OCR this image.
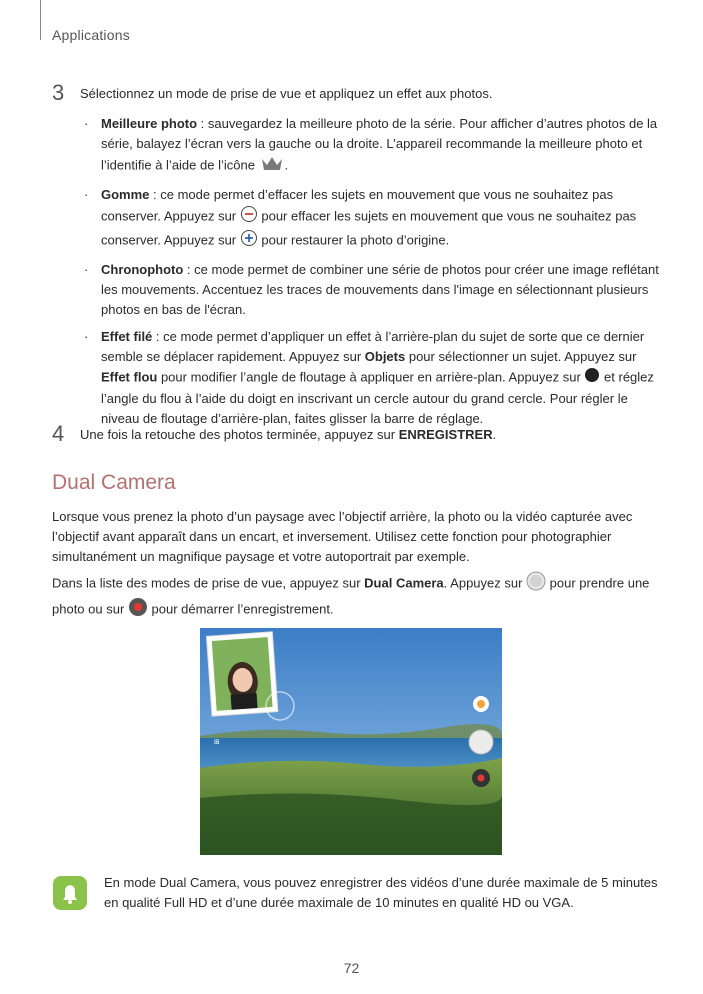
Applications
3 Sélectionnez un mode de prise de vue et appliquez un effet aux photos.
· Meilleure photo : sauvegardez la meilleure photo de la série. Pour afficher d’autres photos de la série, balayez l’écran vers la gauche ou la droite. L’appareil recommande la meilleure photo et l’identifie à l’aide de l’icône .
· Gomme : ce mode permet d’effacer les sujets en mouvement que vous ne souhaitez pas conserver. Appuyez sur  pour effacer les sujets en mouvement que vous ne souhaitez pas conserver. Appuyez sur  pour restaurer la photo d’origine.
· Chronophoto : ce mode permet de combiner une série de photos pour créer une image reflétant les mouvements. Accentuez les traces de mouvements dans l'image en sélectionnant plusieurs photos en bas de l'écran.
· Effet filé : ce mode permet d’appliquer un effet à l’arrière-plan du sujet de sorte que ce dernier semble se déplacer rapidement. Appuyez sur Objets pour sélectionner un sujet. Appuyez sur Effet flou pour modifier l’angle de floutage à appliquer en arrière-plan. Appuyez sur  et réglez l’angle du flou à l’aide du doigt en inscrivant un cercle autour du grand cercle. Pour régler le niveau de floutage d’arrière-plan, faites glisser la barre de réglage.
4 Une fois la retouche des photos terminée, appuyez sur ENREGISTRER.
Dual Camera
Lorsque vous prenez la photo d’un paysage avec l’objectif arrière, la photo ou la vidéo capturée avec l’objectif avant apparaît dans un encart, et inversement. Utilisez cette fonction pour photographier simultanément un magnifique paysage et votre autoportrait par exemple.
Dans la liste des modes de prise de vue, appuyez sur Dual Camera. Appuyez sur  pour prendre une photo ou sur  pour démarrer l’enregistrement.
⊞
En mode Dual Camera, vous pouvez enregistrer des vidéos d’une durée maximale de 5 minutes en qualité Full HD et d’une durée maximale de 10 minutes en qualité HD ou VGA.
72
